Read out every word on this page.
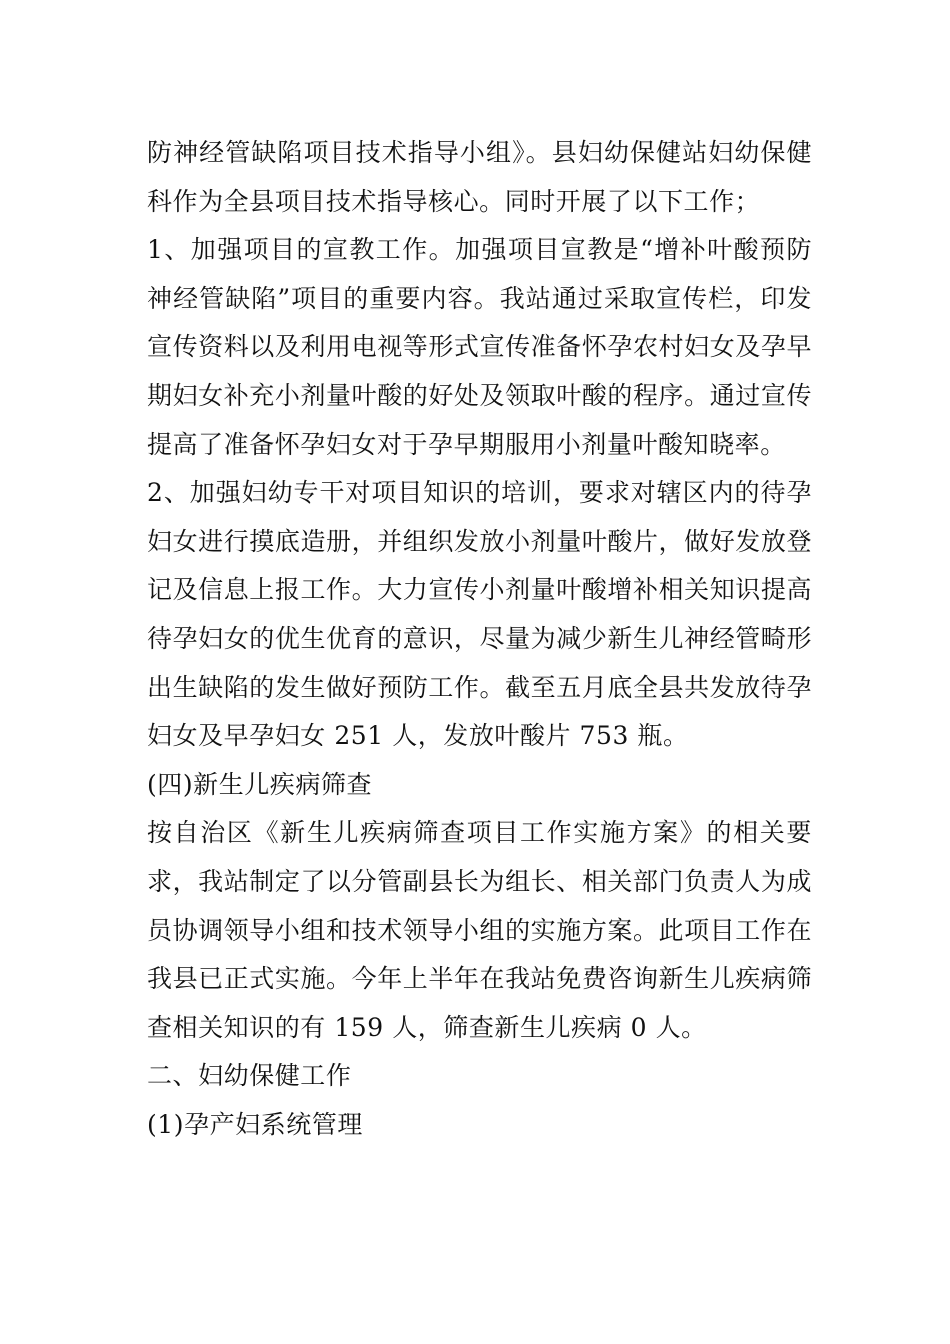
防神经管缺陷项目技术指导小组》。县妇幼保健站妇幼保健科作为全县项目技术指导核心。同时开展了以下工作；

1、加强项目的宣教工作。加强项目宣教是“增补叶酸预防神经管缺陷”项目的重要内容。我站通过采取宣传栏，印发宣传资料以及利用电视等形式宣传准备怀孕农村妇女及孕早期妇女补充小剂量叶酸的好处及领取叶酸的程序。通过宣传提高了准备怀孕妇女对于孕早期服用小剂量叶酸知晓率。

2、加强妇幼专干对项目知识的培训，要求对辖区内的待孕妇女进行摸底造册，并组织发放小剂量叶酸片，做好发放登记及信息上报工作。大力宣传小剂量叶酸增补相关知识提高待孕妇女的优生优育的意识，尽量为减少新生儿神经管畸形出生缺陷的发生做好预防工作。截至五月底全县共发放待孕妇女及早孕妇女 251 人，发放叶酸片 753 瓶。

(四)新生儿疾病筛查

按自治区《新生儿疾病筛查项目工作实施方案》的相关要求，我站制定了以分管副县长为组长、相关部门负责人为成员协调领导小组和技术领导小组的实施方案。此项目工作在我县已正式实施。今年上半年在我站免费咨询新生儿疾病筛查相关知识的有 159 人，筛查新生儿疾病 0 人。

二、妇幼保健工作

(1)孕产妇系统管理
